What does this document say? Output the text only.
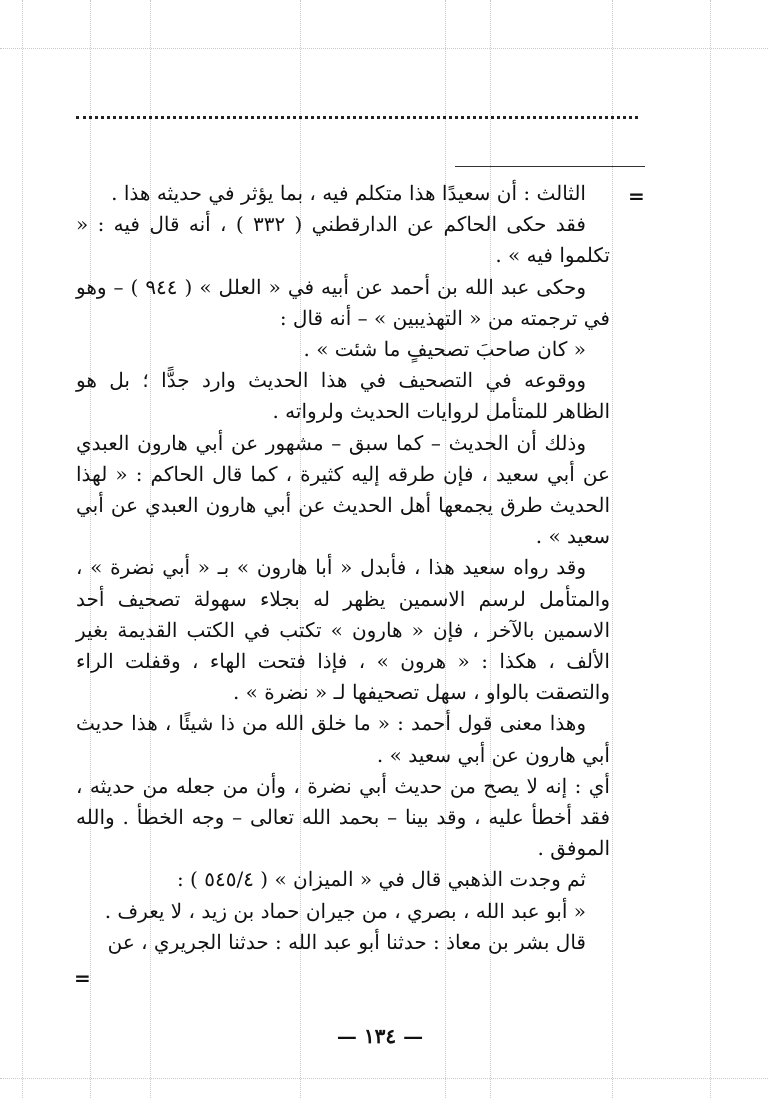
=
=

الثالث : أن سعيدًا هذا متكلم فيه ، بما يؤثر في حديثه هذا .

فقد حكى الحاكم عن الدارقطني ( ٣٣٢ ) ، أنه قال فيه : « تكلموا فيه » .

وحكى عبد الله بن أحمد عن أبيه في « العلل » ( ٩٤٤ ) – وهو في ترجمته من « التهذيبين » – أنه قال :

« كان صاحبَ تصحيفٍ ما شئت » .

ووقوعه في التصحيف في هذا الحديث وارد جدًّا ؛ بل هو الظاهر للمتأمل لروايات الحديث ولرواته .

وذلك أن الحديث – كما سبق – مشهور عن أبي هارون العبدي عن أبي سعيد ، فإن طرقه إليه كثيرة ، كما قال الحاكم : « لهذا الحديث طرق يجمعها أهل الحديث عن أبي هارون العبدي عن أبي سعيد » .

وقد رواه سعيد هذا ، فأبدل « أبا هارون » بـ « أبي نضرة » ، والمتأمل لرسم الاسمين يظهر له بجلاء سهولة تصحيف أحد الاسمين بالآخر ، فإن « هارون » تكتب في الكتب القديمة بغير الألف ، هكذا : « هرون » ، فإذا فتحت الهاء ، وقفلت الراء والتصقت بالواو ، سهل تصحيفها لـ « نضرة » .

وهذا معنى قول أحمد : « ما خلق الله من ذا شيئًا ، هذا حديث أبي هارون عن أبي سعيد » .

أي : إنه لا يصح من حديث أبي نضرة ، وأن من جعله من حديثه ، فقد أخطأ عليه ، وقد بينا – بحمد الله تعالى – وجه الخطأ . والله الموفق .

ثم وجدت الذهبي قال في « الميزان » ( ٥٤٥/٤ ) :

« أبو عبد الله ، بصري ، من جيران حماد بن زيد ، لا يعرف .

قال بشر بن معاذ : حدثنا أبو عبد الله : حدثنا الجريري ، عن

— ١٣٤ —
